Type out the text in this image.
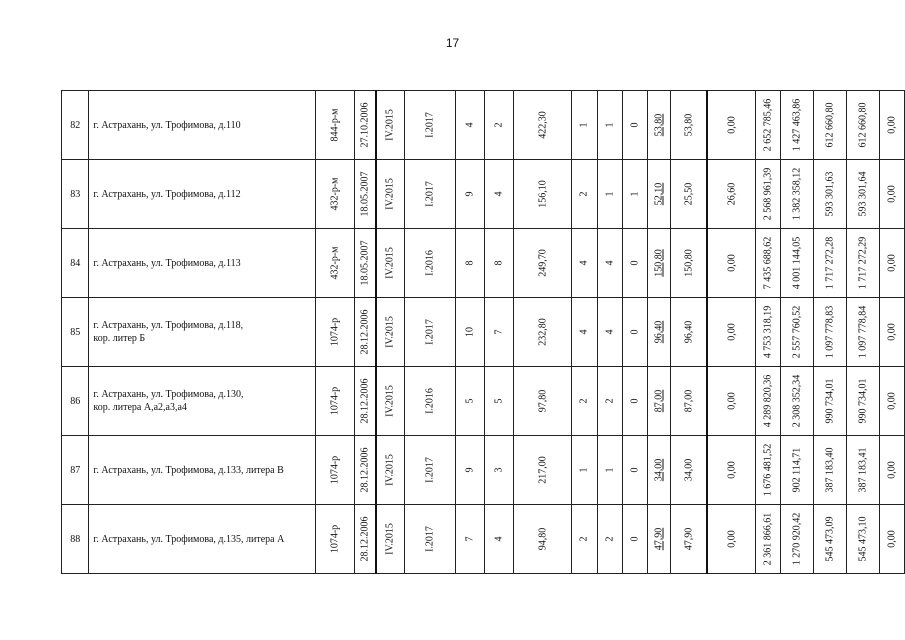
17
82	г. Астрахань, ул. Трофимова, д.110	844-р-м	27.10.2006	IV.2015	I.2017	4	2	422,30	1	1	0	53,80	53,80	0,00	2 652 785,46	1 427 463,86	612 660,80	612 660,80	0,00

83	г. Астрахань, ул. Трофимова, д.112	432-р-м	18.05.2007	IV.2015	I.2017	9	4	156,10	2	1	1	52,10	25,50	26,60	2 568 961,39	1 382 358,12	593 301,63	593 301,64	0,00

84	г. Астрахань, ул. Трофимова, д.113	432-р-м	18.05.2007	IV.2015	I.2016	8	8	249,70	4	4	0	150,80	150,80	0,00	7 435 688,62	4 001 144,05	1 717 272,28	1 717 272,29	0,00

85	г. Астрахань, ул. Трофимова, д.118,
кор. литер Б	1074-р	28.12.2006	IV.2015	I.2017	10	7	232,80	4	4	0	96,40	96,40	0,00	4 753 318,19	2 557 760,52	1 097 778,83	1 097 778,84	0,00

86	г. Астрахань, ул. Трофимова, д.130,
кор. литера А,а2,а3,а4	1074-р	28.12.2006	IV.2015	I.2016	5	5	97,80	2	2	0	87,00	87,00	0,00	4 289 820,36	2 308 352,34	990 734,01	990 734,01	0,00

87	г. Астрахань, ул. Трофимова, д.133, литера В	1074-р	28.12.2006	IV.2015	I.2017	9	3	217,00	1	1	0	34,00	34,00	0,00	1 676 481,52	902 114,71	387 183,40	387 183,41	0,00

88	г. Астрахань, ул. Трофимова, д.135, литера А	1074-р	28.12.2006	IV.2015	I.2017	7	4	94,80	2	2	0	47,90	47,90	0,00	2 361 866,61	1 270 920,42	545 473,09	545 473,10	0,00
